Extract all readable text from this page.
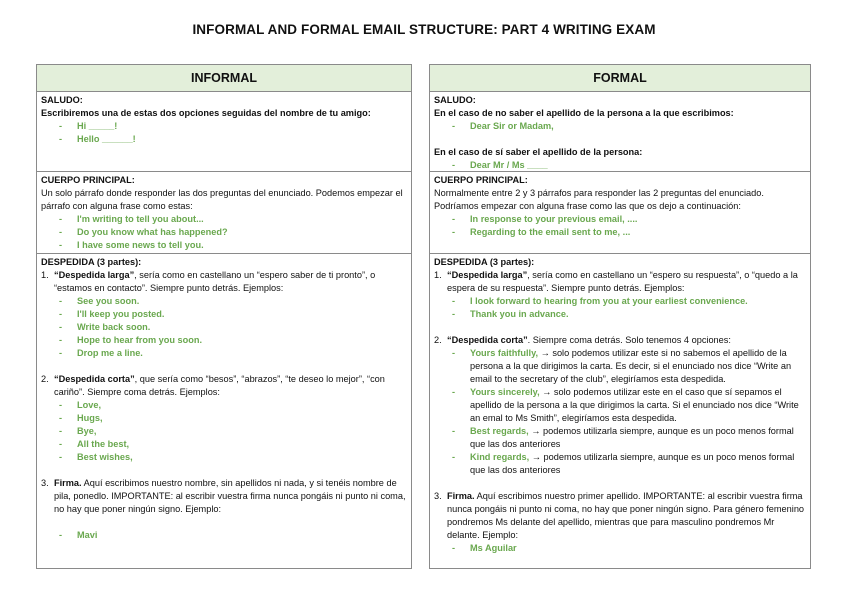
INFORMAL AND FORMAL EMAIL STRUCTURE: PART 4 WRITING EXAM
INFORMAL
SALUDO:
Escribiremos una de estas dos opciones seguidas del nombre de tu amigo:
- Hi _____!
- Hello ______!
CUERPO PRINCIPAL:
Un solo párrafo donde responder las dos preguntas del enunciado. Podemos empezar el párrafo con alguna frase como estas:
- I'm writing to tell you about...
- Do you know what has happened?
- I have some news to tell you.
DESPEDIDA (3 partes):
1. “Despedida larga”, sería como en castellano un “espero saber de ti pronto”, o “estamos en contacto”. Siempre punto detrás. Ejemplos:
- See you soon.
- I'll keep you posted.
- Write back soon.
- Hope to hear from you soon.
- Drop me a line.
2. “Despedida corta”, que sería como “besos”, “abrazos”, “te deseo lo mejor”, “con cariño”. Siempre coma detrás. Ejemplos:
- Love,
- Hugs,
- Bye,
- All the best,
- Best wishes,
3. Firma. Aquí escribimos nuestro nombre, sin apellidos ni nada, y si tenéis nombre de pila, ponedlo. IMPORTANTE: al escribir vuestra firma nunca pongáis ni punto ni coma, no hay que poner ningún signo. Ejemplo:
- Mavi
FORMAL
SALUDO:
En el caso de no saber el apellido de la persona a la que escribimos:
- Dear Sir or Madam,
En el caso de sí saber el apellido de la persona:
- Dear Mr / Ms ____
CUERPO PRINCIPAL:
Normalmente entre 2 y 3 párrafos para responder las 2 preguntas del enunciado. Podríamos empezar con alguna frase como las que os dejo a continuación:
- In response to your previous email, ....
- Regarding to the email sent to me, ...
DESPEDIDA (3 partes):
1. “Despedida larga”, sería como en castellano un “espero su respuesta”, o “quedo a la espera de su respuesta”. Siempre punto detrás. Ejemplos:
- I look forward to hearing from you at your earliest convenience.
- Thank you in advance.
2. “Despedida corta”. Siempre coma detrás. Solo tenemos 4 opciones:
- Yours faithfully, → solo podemos utilizar este si no sabemos el apellido de la persona a la que dirigimos la carta. Es decir, si el enunciado nos dice “Write an email to the secretary of the club”, elegiríamos esta despedida.
- Yours sincerely, → solo podemos utilizar este en el caso que sí sepamos el apellido de la persona a la que dirigimos la carta. Si el enunciado nos dice “Write an emal to Ms Smith”, elegiríamos esta despedida.
- Best regards, → podemos utilizarla siempre, aunque es un poco menos formal que las dos anteriores
- Kind regards, → podemos utilizarla siempre, aunque es un poco menos formal que las dos anteriores
3. Firma. Aquí escribimos nuestro primer apellido. IMPORTANTE: al escribir vuestra firma nunca pongáis ni punto ni coma, no hay que poner ningún signo. Para género femenino pondremos Ms delante del apellido, mientras que para masculino pondremos Mr delante. Ejemplo:
- Ms Aguilar
